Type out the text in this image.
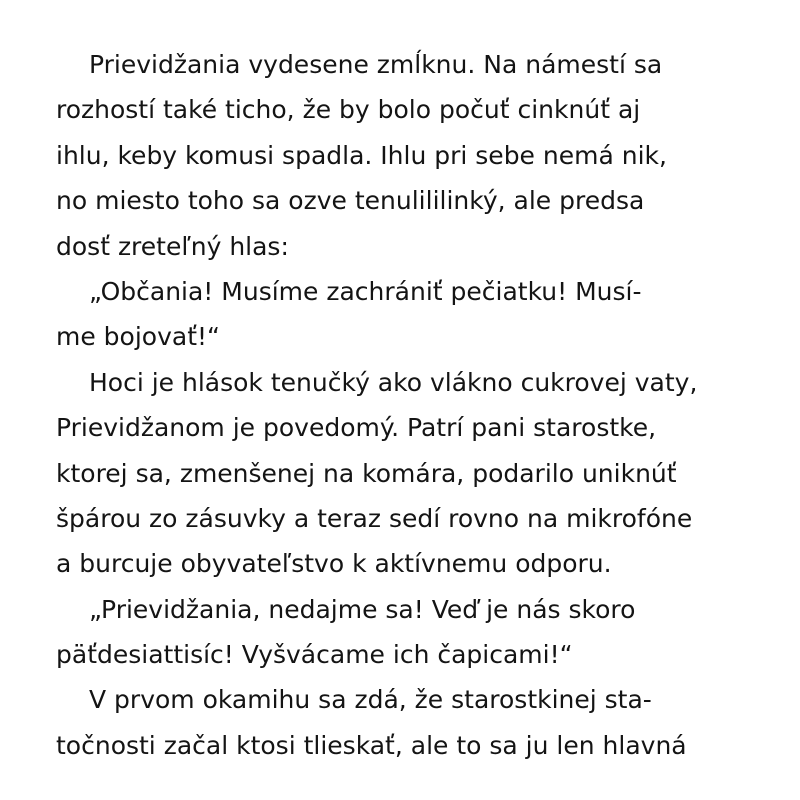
Prievidžania vydesene zmĺknu. Na námestí sa
rozhostí také ticho, že by bolo počuť cinknúť aj
ihlu, keby komusi spadla. Ihlu pri sebe nemá nik,
no miesto toho sa ozve tenulililinký, ale predsa
dosť zreteľný hlas:
„Občania! Musíme zachrániť pečiatku! Musí-
me bojovať!“
Hoci je hlások tenučký ako vlákno cukrovej vaty,
Prievidžanom je povedomý. Patrí pani starostke,
ktorej sa, zmenšenej na komára, podarilo uniknúť
špárou zo zásuvky a teraz sedí rovno na mikrofóne
a burcuje obyvateľstvo k aktívnemu odporu.
„Prievidžania, nedajme sa! Veď je nás skoro
päťdesiattisíc! Vyšvácame ich čapicami!“
V prvom okamihu sa zdá, že starostkinej sta-
točnosti začal ktosi tlieskať, ale to sa ju len hlavná
